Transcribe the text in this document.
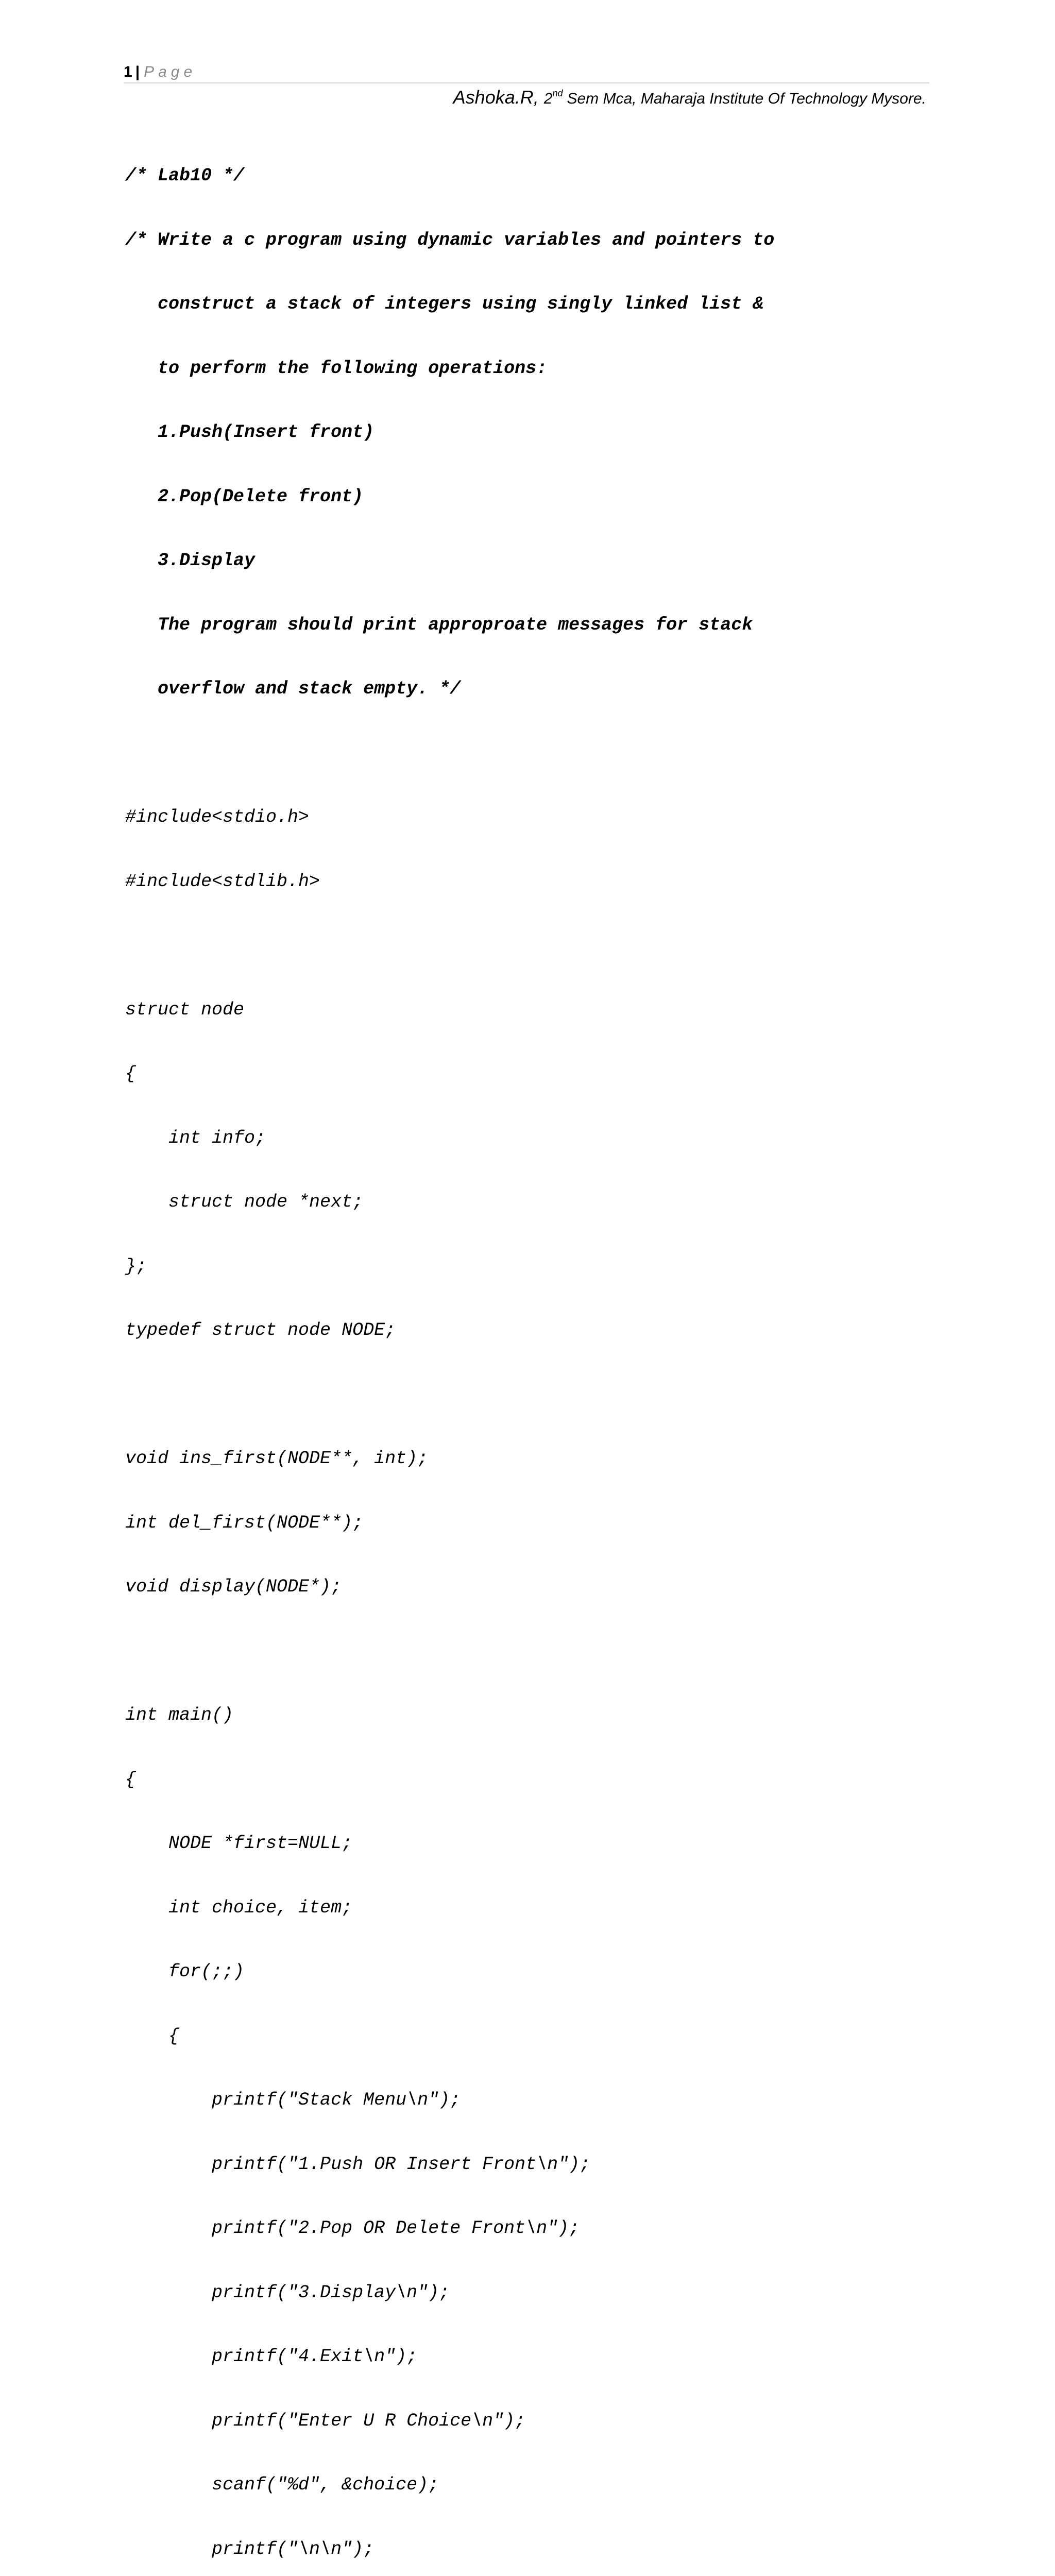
1 | Page
Ashoka.R, 2nd Sem Mca, Maharaja Institute Of Technology Mysore.

/* Lab10 */

/* Write a c program using dynamic variables and pointers to

construct a stack of integers using singly linked list &

to perform the following operations:

1.Push(Insert front)

2.Pop(Delete front)

3.Display

The program should print approproate messages for stack

overflow and stack empty. */

#include<stdio.h>

#include<stdlib.h>

struct node

{

int info;

struct node *next;

};

typedef struct node NODE;

void ins_first(NODE**, int);

int del_first(NODE**);

void display(NODE*);

int main()

{

NODE *first=NULL;

int choice, item;

for(;;)

{

printf("Stack Menu\n");

printf("1.Push OR Insert Front\n");

printf("2.Pop OR Delete Front\n");

printf("3.Display\n");

printf("4.Exit\n");

printf("Enter U R Choice\n");

scanf("%d", &choice);

printf("\n\n");
